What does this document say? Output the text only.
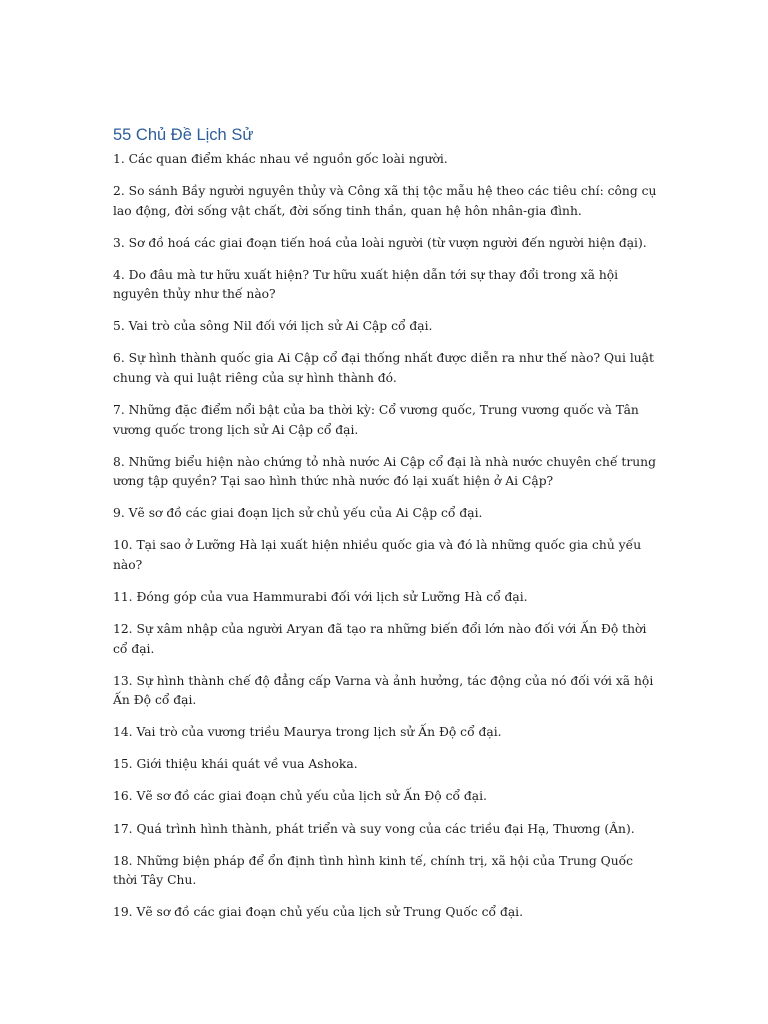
55 Chủ Đề Lịch Sử
1. Các quan điểm khác nhau về nguồn gốc loài người.
2. So sánh Bầy người nguyên thủy và Công xã thị tộc mẫu hệ theo các tiêu chí: công cụ lao động, đời sống vật chất, đời sống tinh thần, quan hệ hôn nhân-gia đình.
3. Sơ đồ hoá các giai đoạn tiến hoá của loài người (từ vượn người đến người hiện đại).
4. Do đâu mà tư hữu xuất hiện? Tư hữu xuất hiện dẫn tới sự thay đổi trong xã hội nguyên thủy như thế nào?
5. Vai trò của sông Nil đối với lịch sử Ai Cập cổ đại.
6. Sự hình thành quốc gia Ai Cập cổ đại thống nhất được diễn ra như thế nào? Qui luật chung và qui luật riêng của sự hình thành đó.
7. Những đặc điểm nổi bật của ba thời kỳ: Cổ vương quốc, Trung vương quốc và Tân vương quốc trong lịch sử Ai Cập cổ đại.
8. Những biểu hiện nào chứng tỏ nhà nước Ai Cập cổ đại là nhà nước chuyên chế trung ương tập quyền? Tại sao hình thức nhà nước đó lại xuất hiện ở Ai Cập?
9. Vẽ sơ đồ các giai đoạn lịch sử chủ yếu của Ai Cập cổ đại.
10. Tại sao ở Lưỡng Hà lại xuất hiện nhiều quốc gia và đó là những quốc gia chủ yếu nào?
11. Đóng góp của vua Hammurabi đối với lịch sử Lưỡng Hà cổ đại.
12. Sự xâm nhập của người Aryan đã tạo ra những biến đổi lớn nào đối với Ấn Độ thời cổ đại.
13. Sự hình thành chế độ đẳng cấp Varna và ảnh hưởng, tác động của nó đối với xã hội Ấn Độ cổ đại.
14. Vai trò của vương triều Maurya trong lịch sử Ấn Độ cổ đại.
15. Giới thiệu khái quát về vua Ashoka.
16. Vẽ sơ đồ các giai đoạn chủ yếu của lịch sử Ấn Độ cổ đại.
17. Quá trình hình thành, phát triển và suy vong của các triều đại Hạ, Thương (Ân).
18. Những biện pháp để ổn định tình hình kinh tế, chính trị, xã hội của Trung Quốc thời Tây Chu.
19. Vẽ sơ đồ các giai đoạn chủ yếu của lịch sử Trung Quốc cổ đại.
